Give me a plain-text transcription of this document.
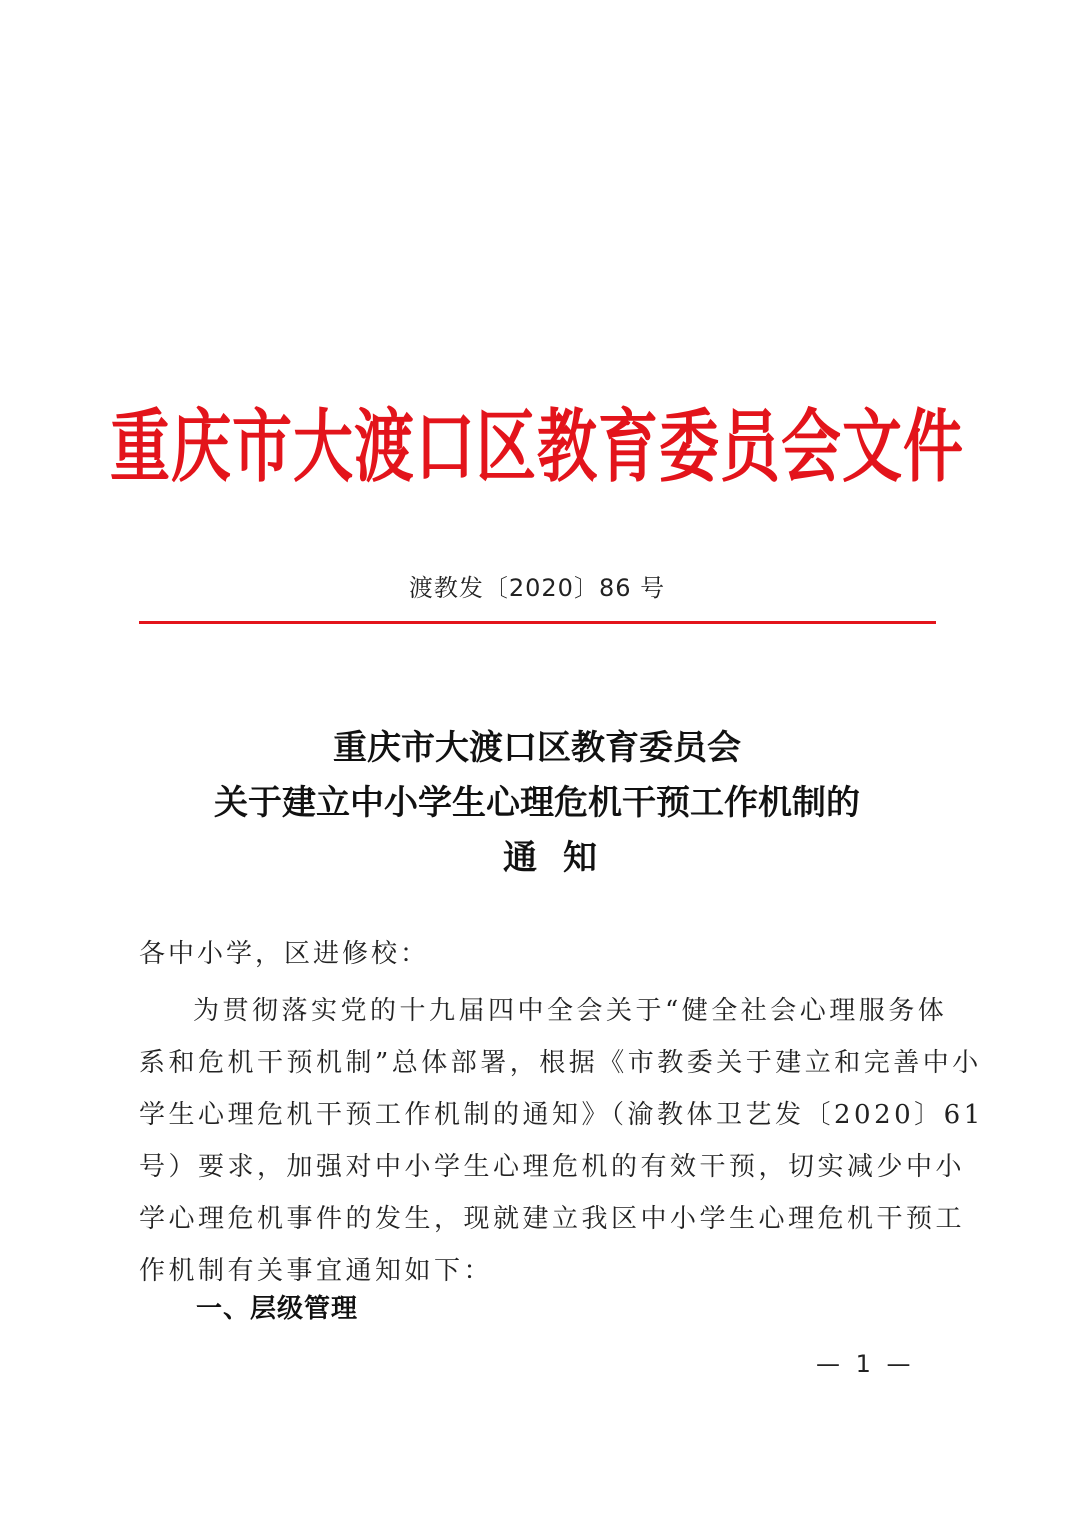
重庆市大渡口区教育委员会文件
渡教发〔2020〕86 号
重庆市大渡口区教育委员会
关于建立中小学生心理危机干预工作机制的
通知
各中小学，区进修校：
为贯彻落实党的十九届四中全会关于“健全社会心理服务体
系和危机干预机制”总体部署，根据《市教委关于建立和完善中小
学生心理危机干预工作机制的通知》（渝教体卫艺发〔2020〕61
号）要求，加强对中小学生心理危机的有效干预，切实减少中小
学心理危机事件的发生，现就建立我区中小学生心理危机干预工
作机制有关事宜通知如下：
一、层级管理
— 1 —
